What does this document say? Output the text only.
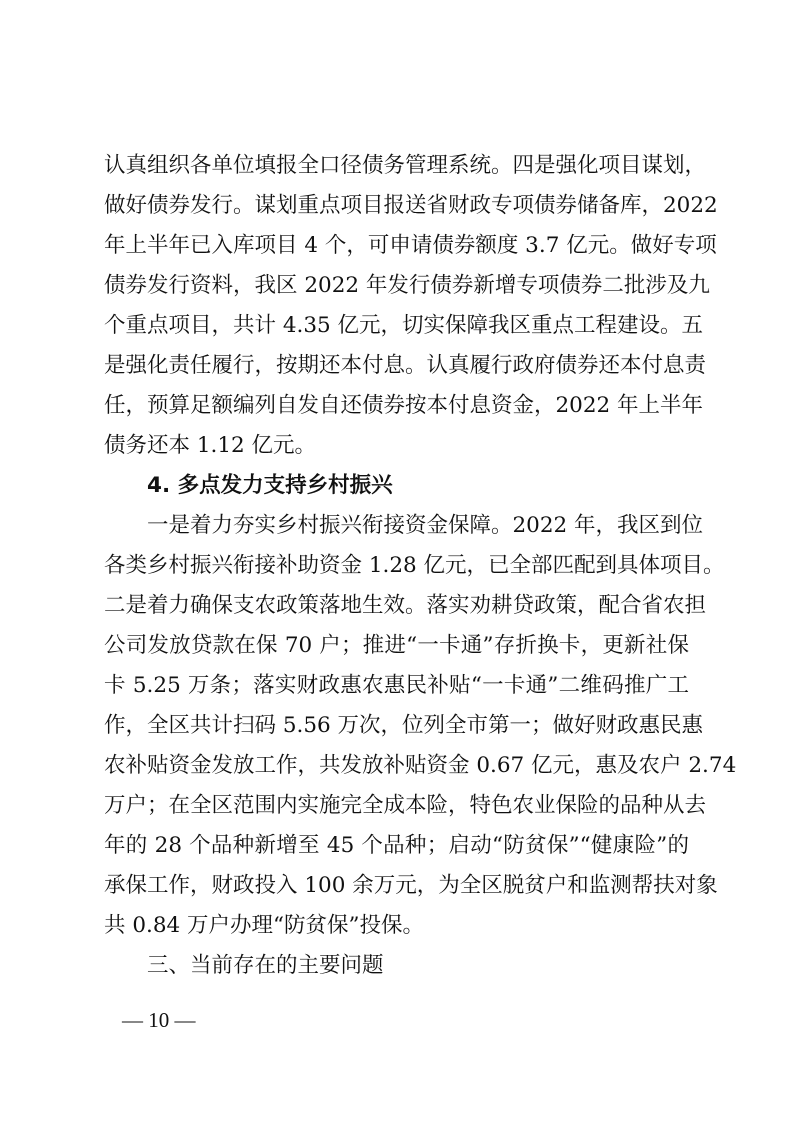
认真组织各单位填报全口径债务管理系统。四是强化项目谋划，
做好债券发行。谋划重点项目报送省财政专项债券储备库，2022
年上半年已入库项目 4 个，可申请债券额度 3.7 亿元。做好专项
债券发行资料，我区 2022 年发行债券新增专项债券二批涉及九
个重点项目，共计 4.35 亿元，切实保障我区重点工程建设。五
是强化责任履行，按期还本付息。认真履行政府债券还本付息责
任，预算足额编列自发自还债券按本付息资金，2022 年上半年
债务还本 1.12 亿元。
4. 多点发力支持乡村振兴
一是着力夯实乡村振兴衔接资金保障。2022 年，我区到位
各类乡村振兴衔接补助资金 1.28 亿元，已全部匹配到具体项目。
二是着力确保支农政策落地生效。落实劝耕贷政策，配合省农担
公司发放贷款在保 70 户；推进“一卡通”存折换卡，更新社保
卡 5.25 万条；落实财政惠农惠民补贴“一卡通”二维码推广工
作，全区共计扫码 5.56 万次，位列全市第一；做好财政惠民惠
农补贴资金发放工作，共发放补贴资金 0.67 亿元，惠及农户 2.74
万户；在全区范围内实施完全成本险，特色农业保险的品种从去
年的 28 个品种新增至 45 个品种；启动“防贫保”“健康险”的
承保工作，财政投入 100 余万元，为全区脱贫户和监测帮扶对象
共 0.84 万户办理“防贫保”投保。
三、当前存在的主要问题
— 10 —
